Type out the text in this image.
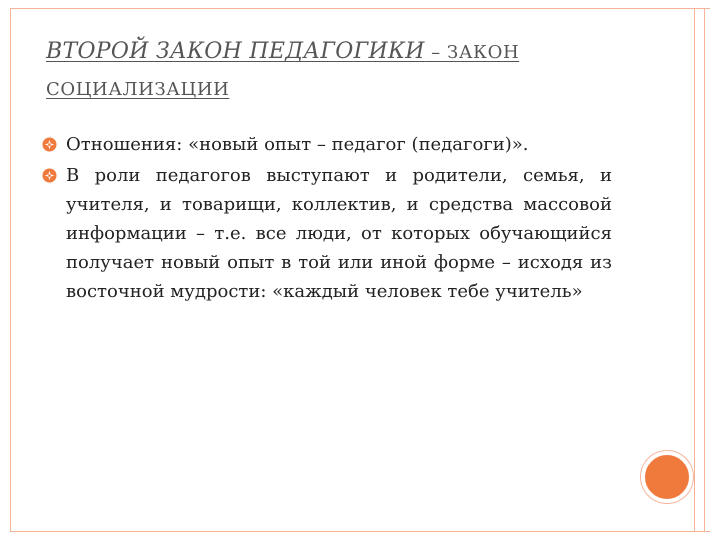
ВТОРОЙ ЗАКОН ПЕДАГОГИКИ – ЗАКОН
СОЦИАЛИЗАЦИИ
Отношения: «новый опыт – педагог (педагоги)».
В роли педагогов выступают и родители, семья, и учителя, и товарищи, коллектив, и средства массовой информации – т.е. все люди, от которых обучающийся получает новый опыт в той или иной форме – исходя из восточной мудрости: «каждый человек тебе учитель»
